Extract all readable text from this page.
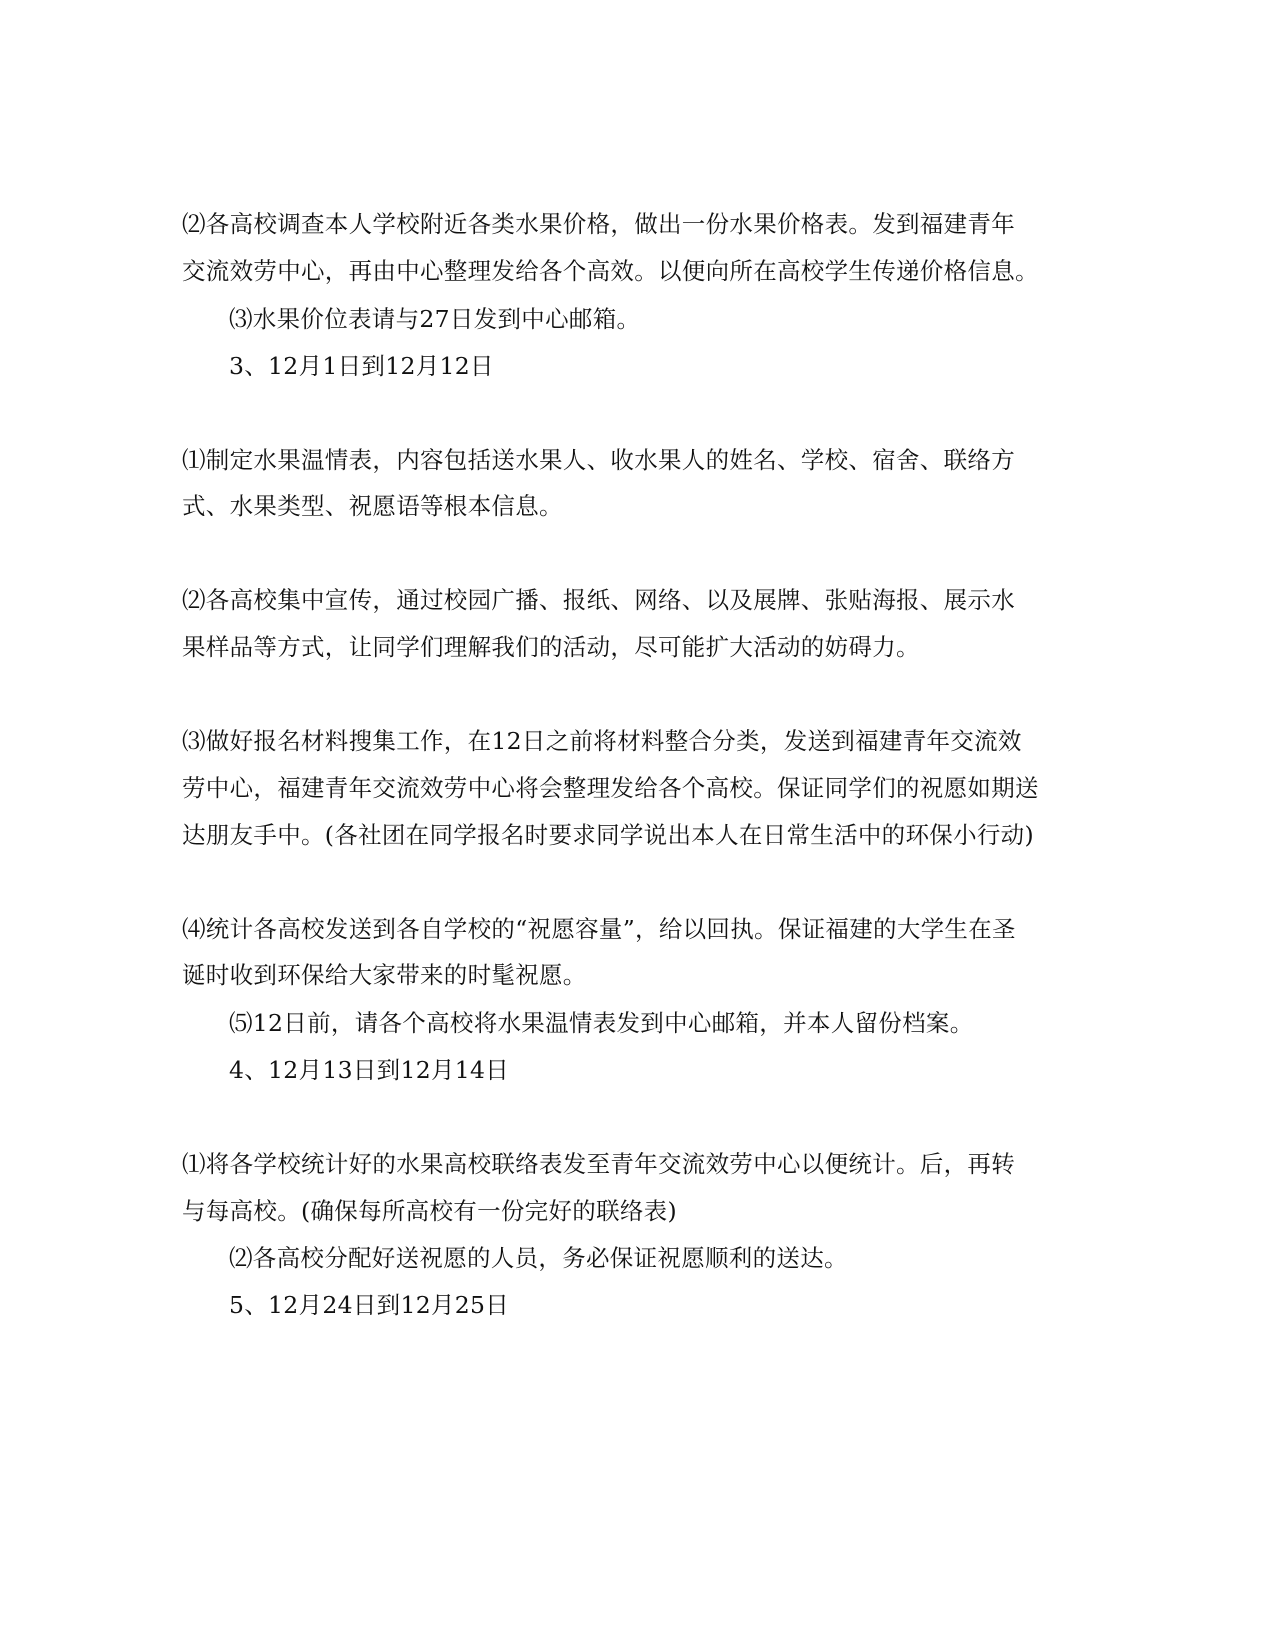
⑵各高校调查本人学校附近各类水果价格，做出一份水果价格表。发到福建青年
交流效劳中心，再由中心整理发给各个高效。以便向所在高校学生传递价格信息。
⑶水果价位表请与27日发到中心邮箱。
3、12月1日到12月12日
⑴制定水果温情表，内容包括送水果人、收水果人的姓名、学校、宿舍、联络方
式、水果类型、祝愿语等根本信息。
⑵各高校集中宣传，通过校园广播、报纸、网络、以及展牌、张贴海报、展示水
果样品等方式，让同学们理解我们的活动，尽可能扩大活动的妨碍力。
⑶做好报名材料搜集工作，在12日之前将材料整合分类，发送到福建青年交流效
劳中心，福建青年交流效劳中心将会整理发给各个高校。保证同学们的祝愿如期送
达朋友手中。(各社团在同学报名时要求同学说出本人在日常生活中的环保小行动)
⑷统计各高校发送到各自学校的“祝愿容量”，给以回执。保证福建的大学生在圣
诞时收到环保给大家带来的时髦祝愿。
⑸12日前，请各个高校将水果温情表发到中心邮箱，并本人留份档案。
4、12月13日到12月14日
⑴将各学校统计好的水果高校联络表发至青年交流效劳中心以便统计。后，再转
与每高校。(确保每所高校有一份完好的联络表)
⑵各高校分配好送祝愿的人员，务必保证祝愿顺利的送达。
5、12月24日到12月25日
